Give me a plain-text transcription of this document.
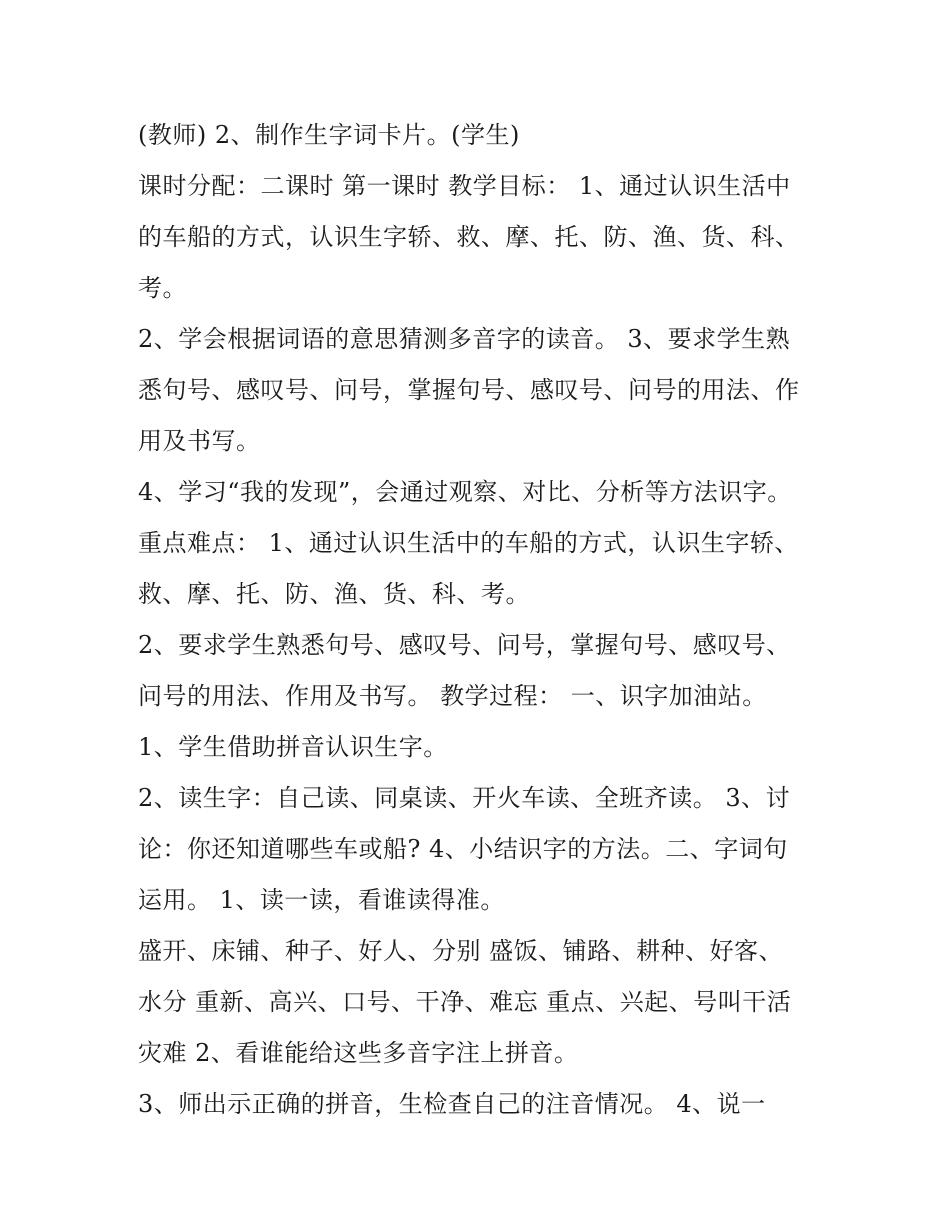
(教师) 2、制作生字词卡片。(学生)
课时分配：二课时 第一课时 教学目标： 1、通过认识生活中
的车船的方式，认识生字轿、救、摩、托、防、渔、货、科、
考。
2、学会根据词语的意思猜测多音字的读音。 3、要求学生熟
悉句号、感叹号、问号，掌握句号、感叹号、问号的用法、作
用及书写。
4、学习“我的发现”，会通过观察、对比、分析等方法识字。
重点难点： 1、通过认识生活中的车船的方式，认识生字轿、
救、摩、托、防、渔、货、科、考。
2、要求学生熟悉句号、感叹号、问号，掌握句号、感叹号、
问号的用法、作用及书写。 教学过程： 一、识字加油站。
1、学生借助拼音认识生字。
2、读生字：自己读、同桌读、开火车读、全班齐读。 3、讨
论：你还知道哪些车或船? 4、小结识字的方法。二、字词句
运用。 1、读一读，看谁读得准。
盛开、床铺、种子、好人、分别 盛饭、铺路、耕种、好客、
水分 重新、高兴、口号、干净、难忘 重点、兴起、号叫干活
灾难 2、看谁能给这些多音字注上拼音。
3、师出示正确的拼音，生检查自己的注音情况。 4、说一
